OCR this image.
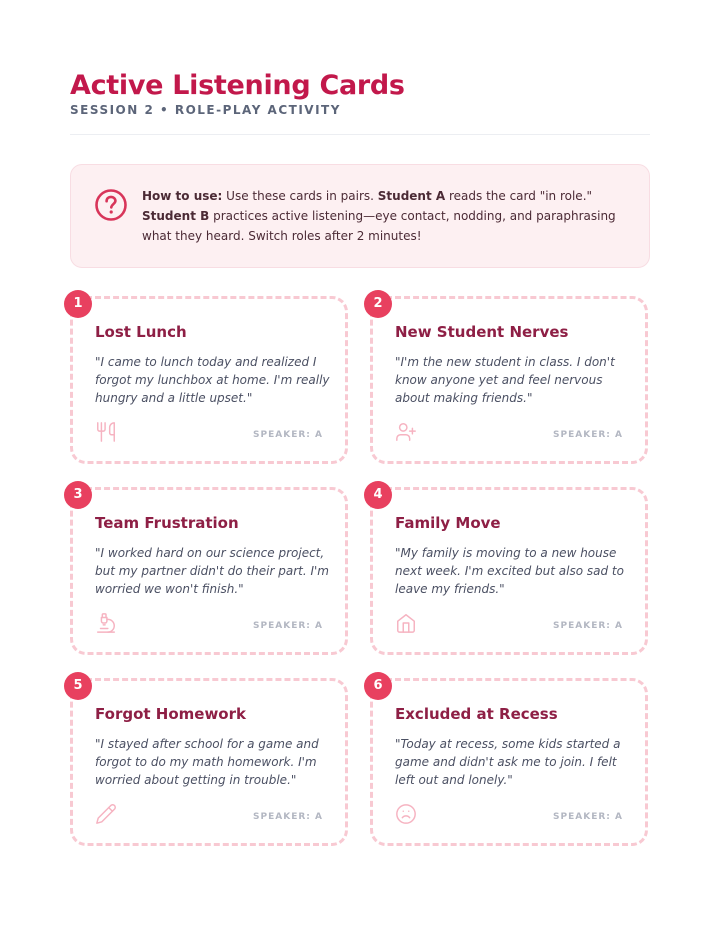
Active Listening Cards
SESSION 2 • ROLE-PLAY ACTIVITY
How to use: Use these cards in pairs. Student A reads the card "in role." Student B practices active listening—eye contact, nodding, and paraphrasing what they heard. Switch roles after 2 minutes!
1
Lost Lunch
"I came to lunch today and realized I forgot my lunchbox at home. I'm really hungry and a little upset."
SPEAKER: A
2
New Student Nerves
"I'm the new student in class. I don't know anyone yet and feel nervous about making friends."
SPEAKER: A
3
Team Frustration
"I worked hard on our science project, but my partner didn't do their part. I'm worried we won't finish."
SPEAKER: A
4
Family Move
"My family is moving to a new house next week. I'm excited but also sad to leave my friends."
SPEAKER: A
5
Forgot Homework
"I stayed after school for a game and forgot to do my math homework. I'm worried about getting in trouble."
SPEAKER: A
6
Excluded at Recess
"Today at recess, some kids started a game and didn't ask me to join. I felt left out and lonely."
SPEAKER: A
